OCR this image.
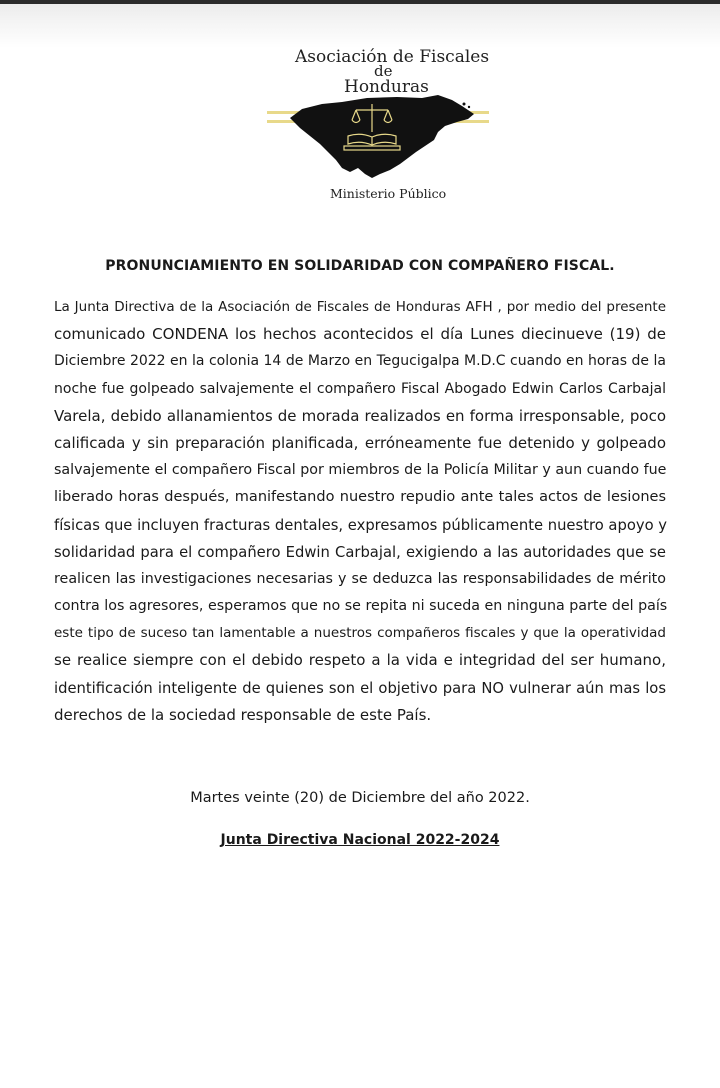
Asociación de Fiscales
de
Honduras
Ministerio Público
PRONUNCIAMIENTO EN SOLIDARIDAD CON COMPAÑERO FISCAL.
La Junta Directiva de la Asociación de Fiscales de Honduras AFH , por medio del presente
comunicado CONDENA los hechos acontecidos el día Lunes diecinueve (19) de
Diciembre 2022 en la colonia 14 de Marzo en Tegucigalpa M.D.C cuando en horas de la
noche fue golpeado salvajemente el compañero Fiscal Abogado Edwin Carlos Carbajal
Varela, debido allanamientos de morada realizados en forma irresponsable, poco
calificada y sin preparación planificada, erróneamente fue detenido y golpeado
salvajemente el compañero Fiscal por miembros de la Policía Militar y aun cuando fue
liberado horas después, manifestando nuestro repudio ante tales actos de lesiones
físicas que incluyen fracturas dentales, expresamos públicamente nuestro apoyo y
solidaridad para el compañero Edwin Carbajal, exigiendo a las autoridades que se
realicen las investigaciones necesarias y se deduzca las responsabilidades de mérito
contra los agresores, esperamos que no se repita ni suceda en ninguna parte del país
este tipo de suceso tan lamentable a nuestros compañeros fiscales y que la operatividad
se realice siempre con el debido respeto a la vida e integridad del ser humano,
identificación inteligente de quienes son el objetivo para NO vulnerar aún mas los
derechos de la sociedad responsable de este País.
Martes veinte (20) de Diciembre del año 2022.
Junta Directiva Nacional 2022-2024
